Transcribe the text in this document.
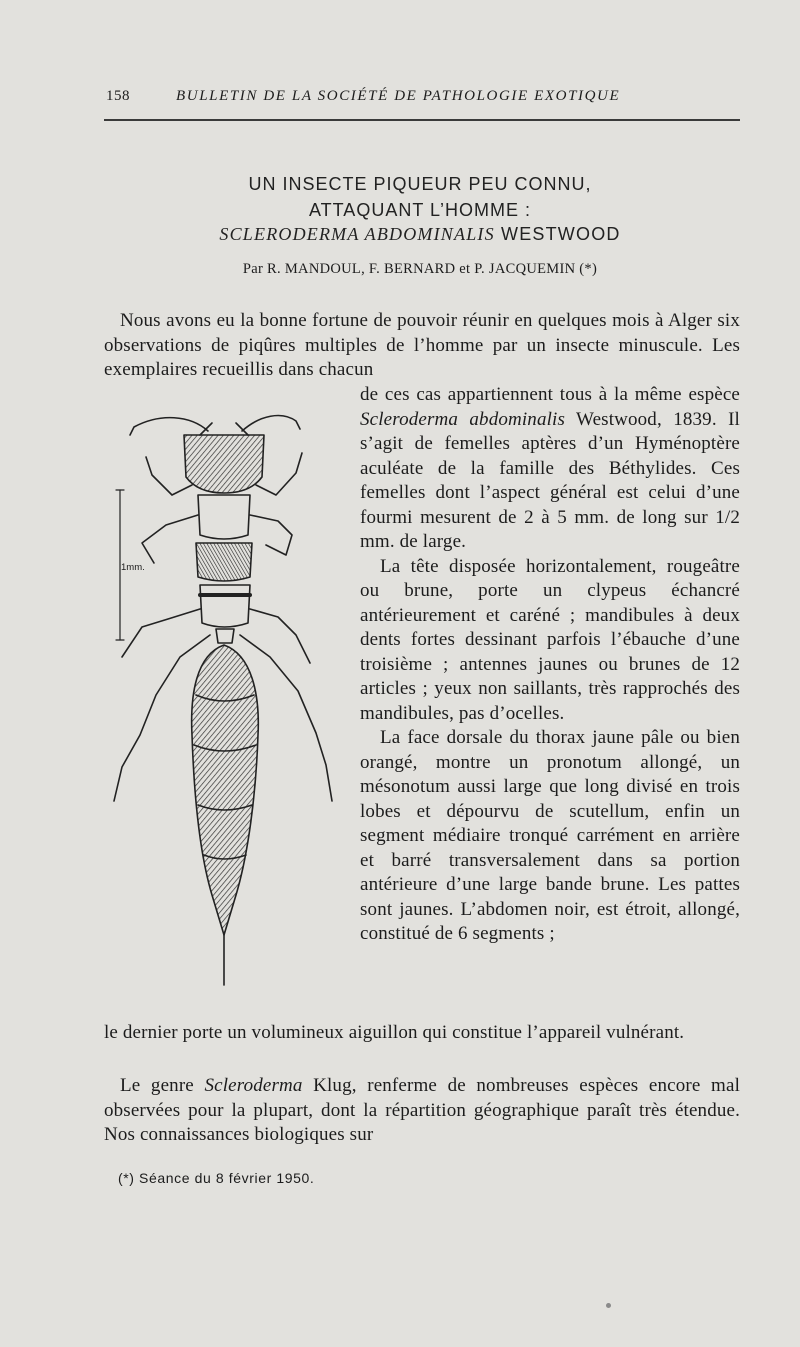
158	BULLETIN DE LA SOCIÉTÉ DE PATHOLOGIE EXOTIQUE
UN INSECTE PIQUEUR PEU CONNU,
ATTAQUANT L’HOMME :
SCLERODERMA ABDOMINALIS WESTWOOD
Par R. MANDOUL, F. BERNARD et P. JACQUEMIN (*)
Nous avons eu la bonne fortune de pouvoir réunir en quelques mois à Alger six observations de piqûres multiples de l’homme par un insecte minuscule. Les exemplaires recueillis dans chacun
de ces cas appartiennent tous à la même espèce Scleroderma abdominalis Westwood, 1839. Il s’agit de femelles aptères d’un Hyménoptère aculéate de la famille des Béthylides. Ces femelles dont l’aspect général est celui d’une fourmi mesurent de 2 à 5 mm. de long sur 1/2 mm. de large.
La tête disposée horizontalement, rougeâtre ou brune, porte un clypeus échancré antérieurement et caréné ; mandibules à deux dents fortes dessinant parfois l’ébauche d’une troisième ; antennes jaunes ou brunes de 12 articles ; yeux non saillants, très rapprochés des mandibules, pas d’ocelles.
La face dorsale du thorax jaune pâle ou bien orangé, montre un pronotum allongé, un mésonotum aussi large que long divisé en trois lobes et dépourvu de scutellum, enfin un segment médiaire tronqué carrément en arrière et barré transversalement dans sa portion antérieure d’une large bande brune. Les pattes sont jaunes. L’abdomen noir, est étroit, allongé, constitué de 6 segments ;
le dernier porte un volumineux aiguillon qui constitue l’appareil vulnérant.
Le genre Scleroderma Klug, renferme de nombreuses espèces encore mal observées pour la plupart, dont la répartition géographique paraît très étendue. Nos connaissances biologiques sur
1mm.
(*) Séance du 8 février 1950.
